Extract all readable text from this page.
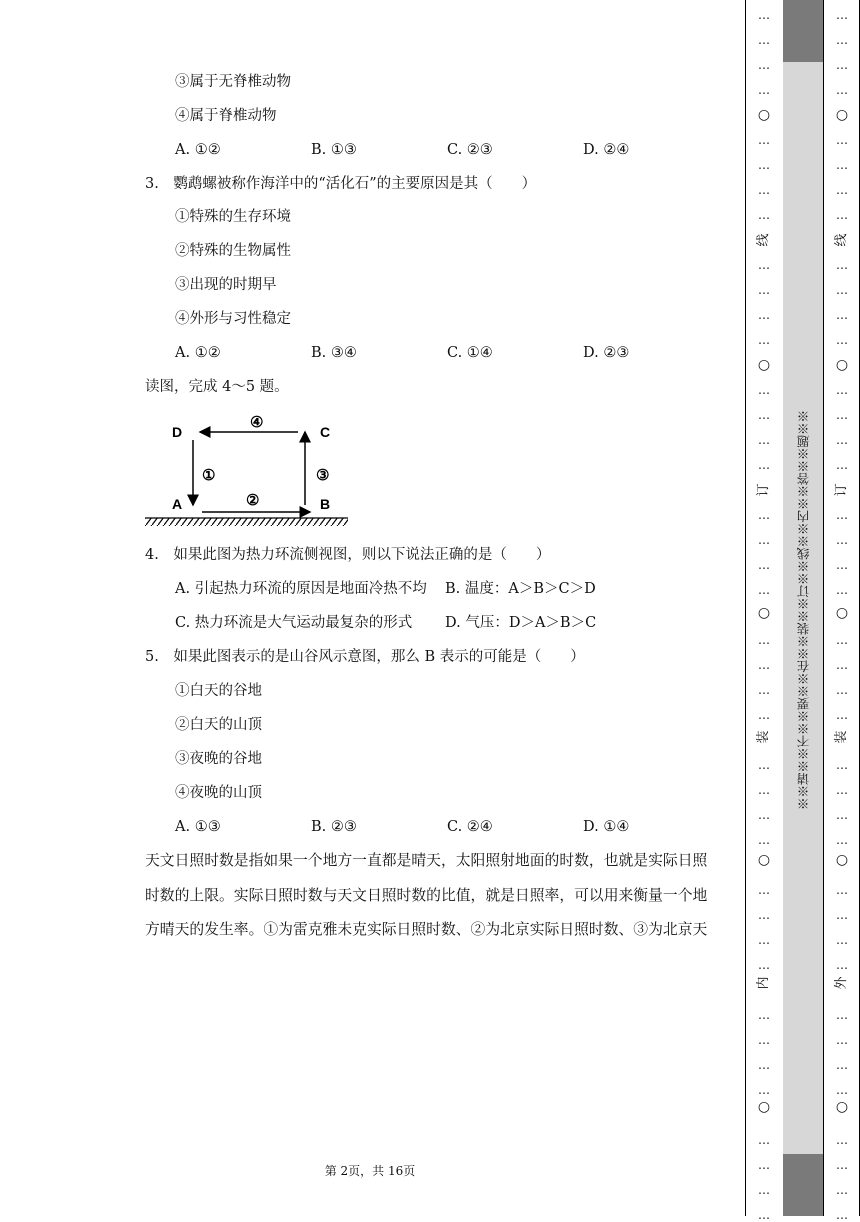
③属于无脊椎动物
④属于脊椎动物
A. ①②	B. ①③	C. ②③	D. ②④
3.　鹦鹉螺被称作海洋中的“活化石”的主要原因是其（　　）
①特殊的生存环境
②特殊的生物属性
③出现的时期早
④外形与习性稳定
A. ①②	B. ③④	C. ①④	D. ②③
读图，完成 4～5 题。
D	C
A	B
④
①
②
③
4.　如果此图为热力环流侧视图，则以下说法正确的是（　　）
A. 引起热力环流的原因是地面冷热不均 B. 温度：A＞B＞C＞D
C. 热力环流是大气运动最复杂的形式 D. 气压：D＞A＞B＞C
5.　如果此图表示的是山谷风示意图，那么 B 表示的可能是（　　）
①白天的谷地
②白天的山顶
③夜晚的谷地
④夜晚的山顶
A. ①③	B. ②③	C. ②④	D. ①④
天文日照时数是指如果一个地方一直都是晴天，太阳照射地面的时数，也就是实际日照
时数的上限。实际日照时数与天文日照时数的比值，就是日照率，可以用来衡量一个地
方晴天的发生率。①为雷克雅未克实际日照时数、②为北京实际日照时数、③为北京天
第 2页，共 16页
※※请※※不※※要※※在※※装※※订※※线※※内※※答※※题※※
…
…
…
…
…
…
…
…
…
…
…
…
…
…
…
…
…
…
…
…
…
…
…
…
…
…
…
…
…
…
…
…
…
…
…
…
…
…
…
…
○
○
○
○
○
线
订
装
内
…
…
…
…
…
…
…
…
…
…
…
…
…
…
…
…
…
…
…
…
…
…
…
…
…
…
…
…
…
…
…
…
…
…
…
…
…
…
…
…
○
○
○
○
○
线
订
装
外
